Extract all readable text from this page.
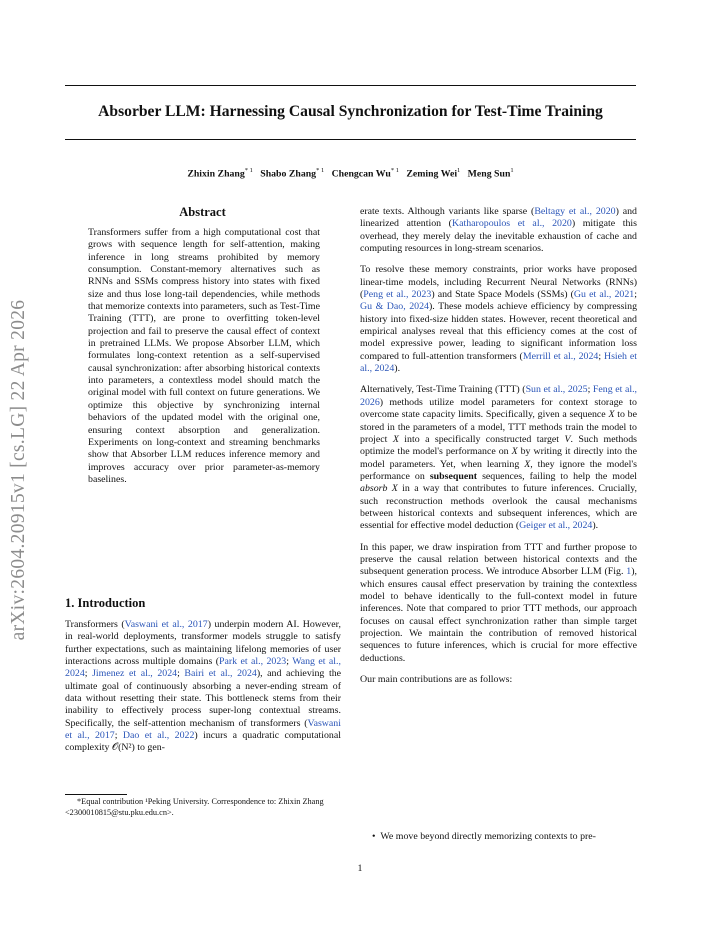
Absorber LLM: Harnessing Causal Synchronization for Test-Time Training
Zhixin Zhang$^{* 1}$ Shabo Zhang$^{* 1}$ Chengcan Wu$^{* 1}$ Zeming Wei$^1$ Meng Sun$^1$
arXiv:2604.20915v1 [cs.LG] 22 Apr 2026
Abstract

Transformers suffer from a high computational cost that grows with sequence length for self-attention, making inference in long streams prohibited by memory consumption. Constant-memory alternatives such as RNNs and SSMs compress history into states with fixed size and thus lose long-tail dependencies, while methods that memorize contexts into parameters, such as Test-Time Training (TTT), are prone to overfitting token-level projection and fail to preserve the causal effect of context in pretrained LLMs. We propose Absorber LLM, which formulates long-context retention as a self-supervised causal synchronization: after absorbing historical contexts into parameters, a contextless model should match the original model with full context on future generations. We optimize this objective by synchronizing internal behaviors of the updated model with the original one, ensuring context absorption and generalization. Experiments on long-context and streaming benchmarks show that Absorber LLM reduces inference memory and improves accuracy over prior parameter-as-memory baselines.

1. Introduction

Transformers (Vaswani et al., 2017) underpin modern AI. However, in real-world deployments, transformer models struggle to satisfy further expectations, such as maintaining lifelong memories of user interactions across multiple domains (Park et al., 2023; Wang et al., 2024; Jimenez et al., 2024; Bairi et al., 2024), and achieving the ultimate goal of continuously absorbing a never-ending stream of data without resetting their state. This bottleneck stems from their inability to effectively process super-long contextual streams. Specifically, the self-attention mechanism of transformers (Vaswani et al., 2017; Dao et al., 2022) incurs a quadratic computational complexity 𝒪(N²) to gen-

*Equal contribution ¹Peking University. Correspondence to: Zhixin Zhang <2300010815@stu.pku.edu.cn>.

erate texts. Although variants like sparse (Beltagy et al., 2020) and linearized attention (Katharopoulos et al., 2020) mitigate this overhead, they merely delay the inevitable exhaustion of cache and computing resources in long-stream scenarios.

To resolve these memory constraints, prior works have proposed linear-time models, including Recurrent Neural Networks (RNNs) (Peng et al., 2023) and State Space Models (SSMs) (Gu et al., 2021; Gu & Dao, 2024). These models achieve efficiency by compressing history into fixed-size hidden states. However, recent theoretical and empirical analyses reveal that this efficiency comes at the cost of model expressive power, leading to significant information loss compared to full-attention transformers (Merrill et al., 2024; Hsieh et al., 2024).

Alternatively, Test-Time Training (TTT) (Sun et al., 2025; Feng et al., 2026) methods utilize model parameters for context storage to overcome state capacity limits. Specifically, given a sequence X to be stored in the parameters of a model, TTT methods train the model to project X into a specifically constructed target V. Such methods optimize the model's performance on X by writing it directly into the model parameters. Yet, when learning X, they ignore the model's performance on subsequent sequences, failing to help the model absorb X in a way that contributes to future inferences. Crucially, such reconstruction methods overlook the causal mechanisms between historical contexts and subsequent inferences, which are essential for effective model deduction (Geiger et al., 2024).

In this paper, we draw inspiration from TTT and further propose to preserve the causal relation between historical contexts and the subsequent generation process. We introduce Absorber LLM (Fig. 1), which ensures causal effect preservation by training the contextless model to behave identically to the full-context model in future inferences. Note that compared to prior TTT methods, our approach focuses on causal effect synchronization rather than simple target projection. We maintain the contribution of removed historical sequences to future inferences, which is crucial for more effective deductions.

Our main contributions are as follows:

•  We move beyond directly memorizing contexts to pre-

1
